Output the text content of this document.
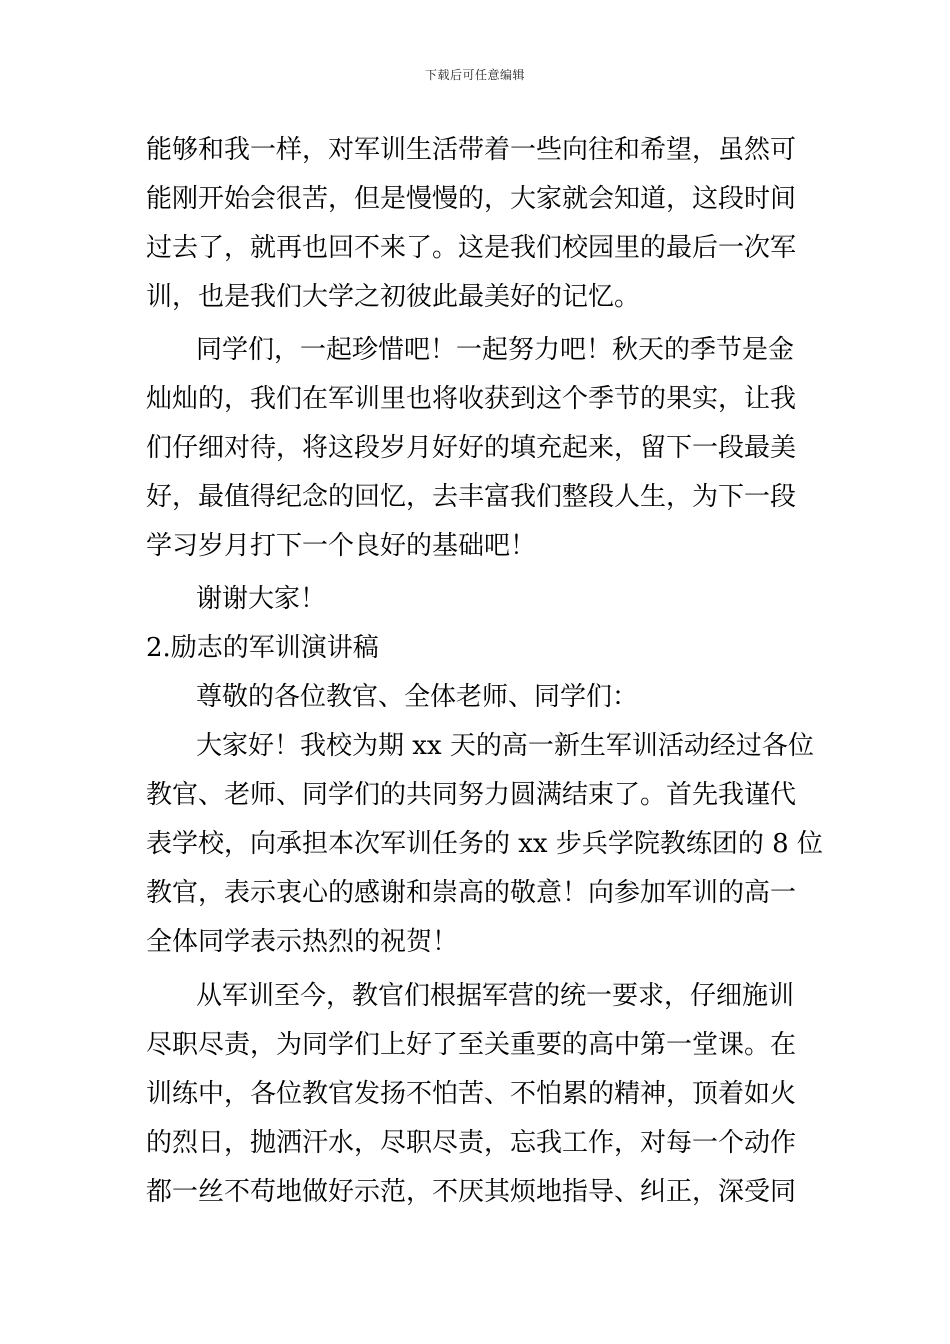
下载后可任意编辑
能够和我一样，对军训生活带着一些向往和希望，虽然可
能刚开始会很苦，但是慢慢的，大家就会知道，这段时间
过去了，就再也回不来了。这是我们校园里的最后一次军
训，也是我们大学之初彼此最美好的记忆。
同学们，一起珍惜吧！一起努力吧！秋天的季节是金
灿灿的，我们在军训里也将收获到这个季节的果实，让我
们仔细对待，将这段岁月好好的填充起来，留下一段最美
好，最值得纪念的回忆，去丰富我们整段人生，为下一段
学习岁月打下一个良好的基础吧！
谢谢大家！
2.励志的军训演讲稿
尊敬的各位教官、全体老师、同学们：
大家好！我校为期 xx 天的高一新生军训活动经过各位
教官、老师、同学们的共同努力圆满结束了。首先我谨代
表学校，向承担本次军训任务的 xx 步兵学院教练团的 8 位
教官，表示衷心的感谢和崇高的敬意！向参加军训的高一
全体同学表示热烈的祝贺！
从军训至今，教官们根据军营的统一要求，仔细施训
尽职尽责，为同学们上好了至关重要的高中第一堂课。在
训练中，各位教官发扬不怕苦、不怕累的精神，顶着如火
的烈日，抛洒汗水，尽职尽责，忘我工作，对每一个动作
都一丝不苟地做好示范，不厌其烦地指导、纠正，深受同
